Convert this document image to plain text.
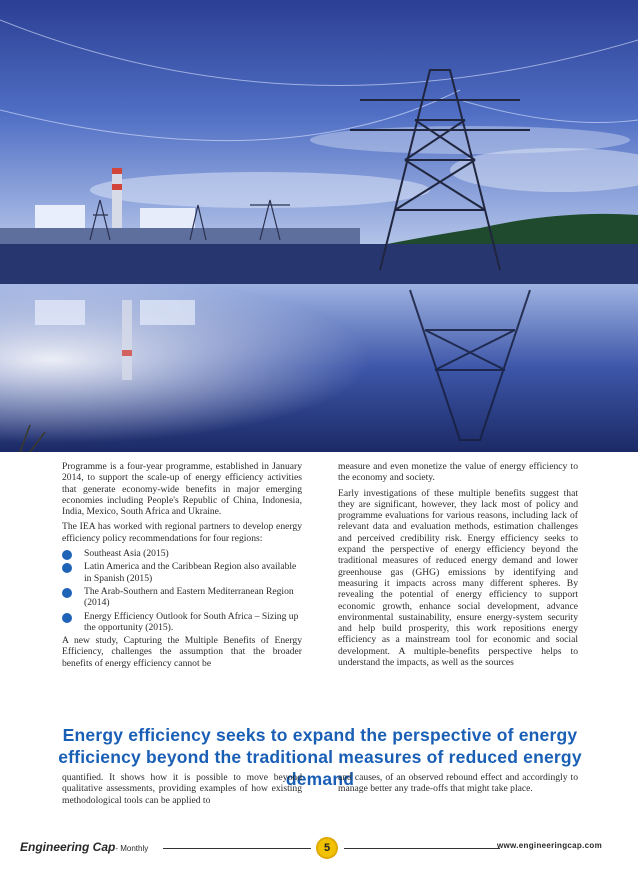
Programme is a four-year programme, established in January 2014, to support the scale-up of energy efficiency activities that generate economy-wide benefits in major emerging economies including People's Republic of China, Indonesia, India, Mexico, South Africa and Ukraine.

The IEA has worked with regional partners to develop energy efficiency policy recommendations for four regions:

Southeast Asia (2015)
Latin America and the Caribbean Region also available in Spanish (2015)
The Arab-Southern and Eastern Mediterranean Region (2014)
Energy Efficiency Outlook for South Africa – Sizing up the opportunity (2015).

A new study, Capturing the Multiple Benefits of Energy Efficiency, challenges the assumption that the broader benefits of energy efficiency cannot be

measure and even monetize the value of energy efficiency to the economy and society.

Early investigations of these multiple benefits suggest that they are significant, however, they lack most of policy and programme evaluations for various reasons, including lack of relevant data and evaluation methods, estimation challenges and perceived credibility risk. Energy efficiency seeks to expand the perspective of energy efficiency beyond the traditional measures of reduced energy demand and lower greenhouse gas (GHG) emissions by identifying and measuring it impacts across many different spheres. By revealing the potential of energy efficiency to support economic growth, enhance social development, advance environmental sustainability, ensure energy-system security and help build prosperity, this work repositions energy efficiency as a mainstream tool for economic and social development. A multiple-benefits perspective helps to understand the impacts, as well as the sources

Energy efficiency seeks to expand the perspective of energy efficiency beyond the traditional measures of reduced energy demand

quantified. It shows how it is possible to move beyond qualitative assessments, providing examples of how existing methodological tools can be applied to

and causes, of an observed rebound effect and accordingly to manage better any trade-offs that might take place.

Engineering Cap- Monthly	5	www.engineeringcap.com
